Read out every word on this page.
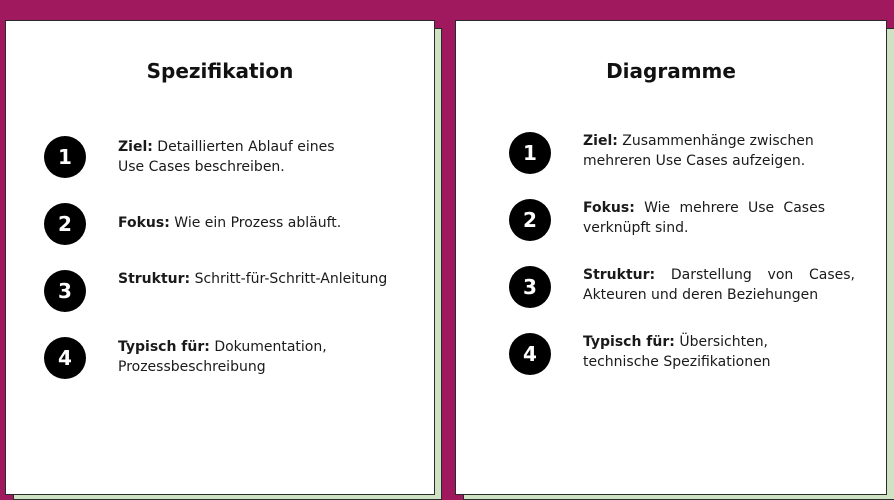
Spezifikation
1	Ziel: Detaillierten Ablauf eines Use Cases beschreiben.
2	Fokus: Wie ein Prozess abläuft.
3	Struktur: Schritt-für-Schritt-Anleitung
4	Typisch für: Dokumentation, Prozessbeschreibung
Diagramme
1	Ziel: Zusammenhänge zwischen mehreren Use Cases aufzeigen.
2	Fokus: Wie mehrere Use Cases verknüpft sind.
3	Struktur: Darstellung von Cases, Akteuren und deren Beziehungen
4	Typisch für: Übersichten, technische Spezifikationen
